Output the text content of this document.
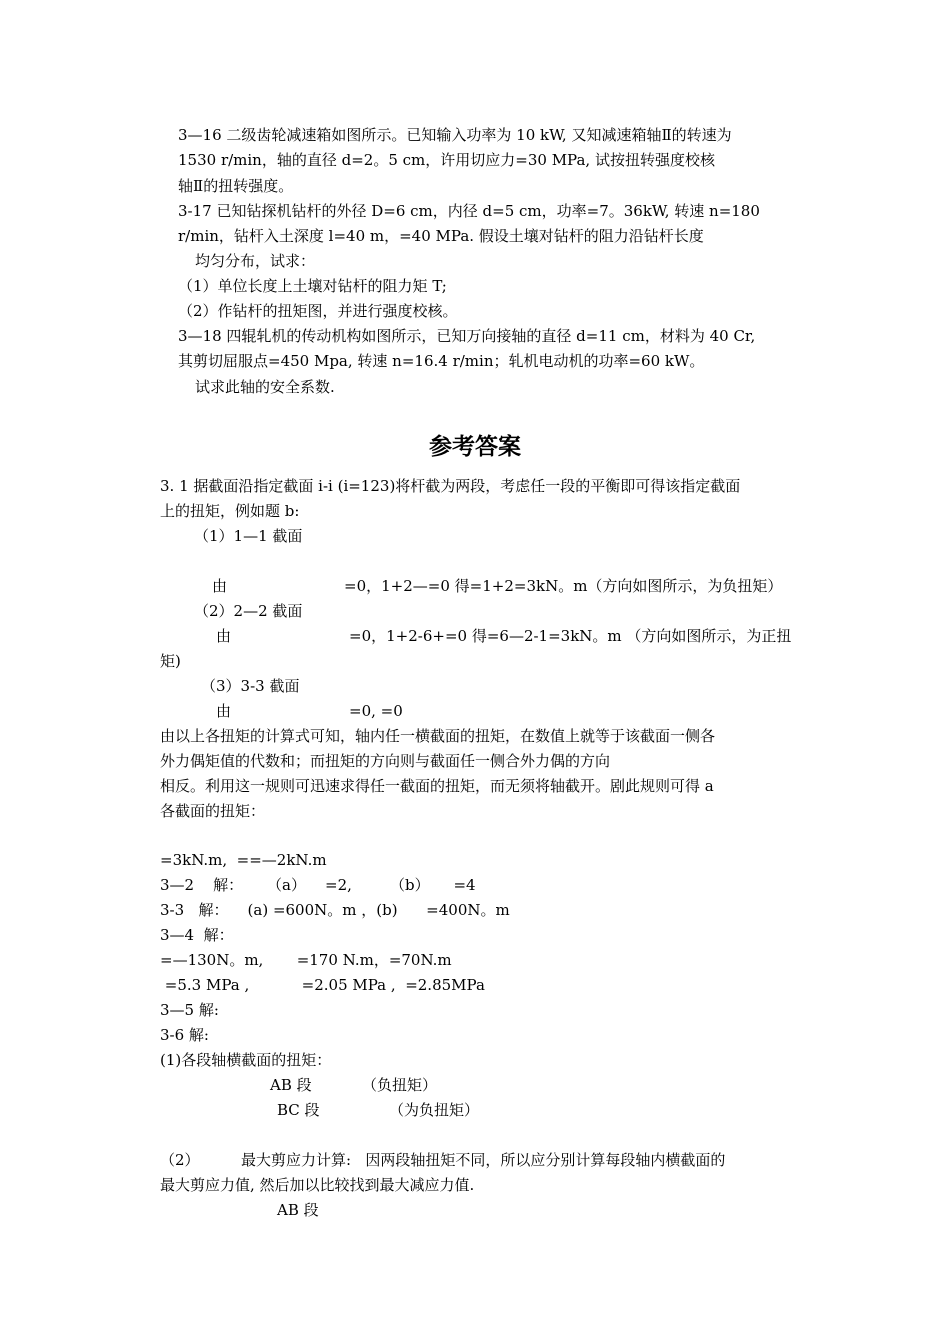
3—16 二级齿轮减速箱如图所示。已知输入功率为 10 kW, 又知减速箱轴Ⅱ的转速为
1530 r/min，轴的直径 d=2。5 cm，许用切应力=30 MPa, 试按扭转强度校核
轴Ⅱ的扭转强度。
3-17 已知钻探机钻杆的外径 D=6 cm，内径 d=5 cm，功率=7。36kW, 转速 n=180
r/min，钻杆入土深度 l=40 m，=40 MPa. 假设土壤对钻杆的阻力沿钻杆长度
均匀分布，试求：
（1）单位长度上土壤对钻杆的阻力矩 T;
（2）作钻杆的扭矩图，并进行强度校核。
3—18 四辊轧机的传动机构如图所示，已知万向接轴的直径 d=11 cm，材料为 40 Cr,
其剪切屈服点=450 Mpa, 转速 n=16.4 r/min；轧机电动机的功率=60 kW。
试求此轴的安全系数.
参考答案
3. 1 据截面沿指定截面 i-i (i=123)将杆截为两段，考虑任一段的平衡即可得该指定截面
上的扭矩，例如题 b:
（1）1—1 截面
由	=0，1+2—=0 得=1+2=3kN。m（方向如图所示，为负扭矩）
（2）2—2 截面
由	=0，1+2-6+=0 得=6—2-1=3kN。m （方向如图所示，为正扭
矩)
（3）3-3 截面
由	=0, =0
由以上各扭矩的计算式可知，轴内任一横截面的扭矩，在数值上就等于该截面一侧各
外力偶矩值的代数和；而扭矩的方向则与截面任一侧合外力偶的方向
相反。利用这一规则可迅速求得任一截面的扭矩，而无须将轴截开。剧此规则可得 a
各截面的扭矩：
=3kN.m,  ==—2kN.m
3—2    解：     （a）    =2,        （b）     =4
3-3   解：    (a) =600N。m ，(b)      =400N。m
3—4  解：
=—130N。m,       =170 N.m，=70N.m
=5.3 MPa ,           =2.05 MPa ,  =2.85MPa
3—5 解:
3-6 解:
(1)各段轴横截面的扭矩：
AB 段	（负扭矩）
BC 段	（为负扭矩）
（2）	最大剪应力计算:   因两段轴扭矩不同，所以应分别计算每段轴内横截面的
最大剪应力值, 然后加以比较找到最大减应力值.
AB 段
